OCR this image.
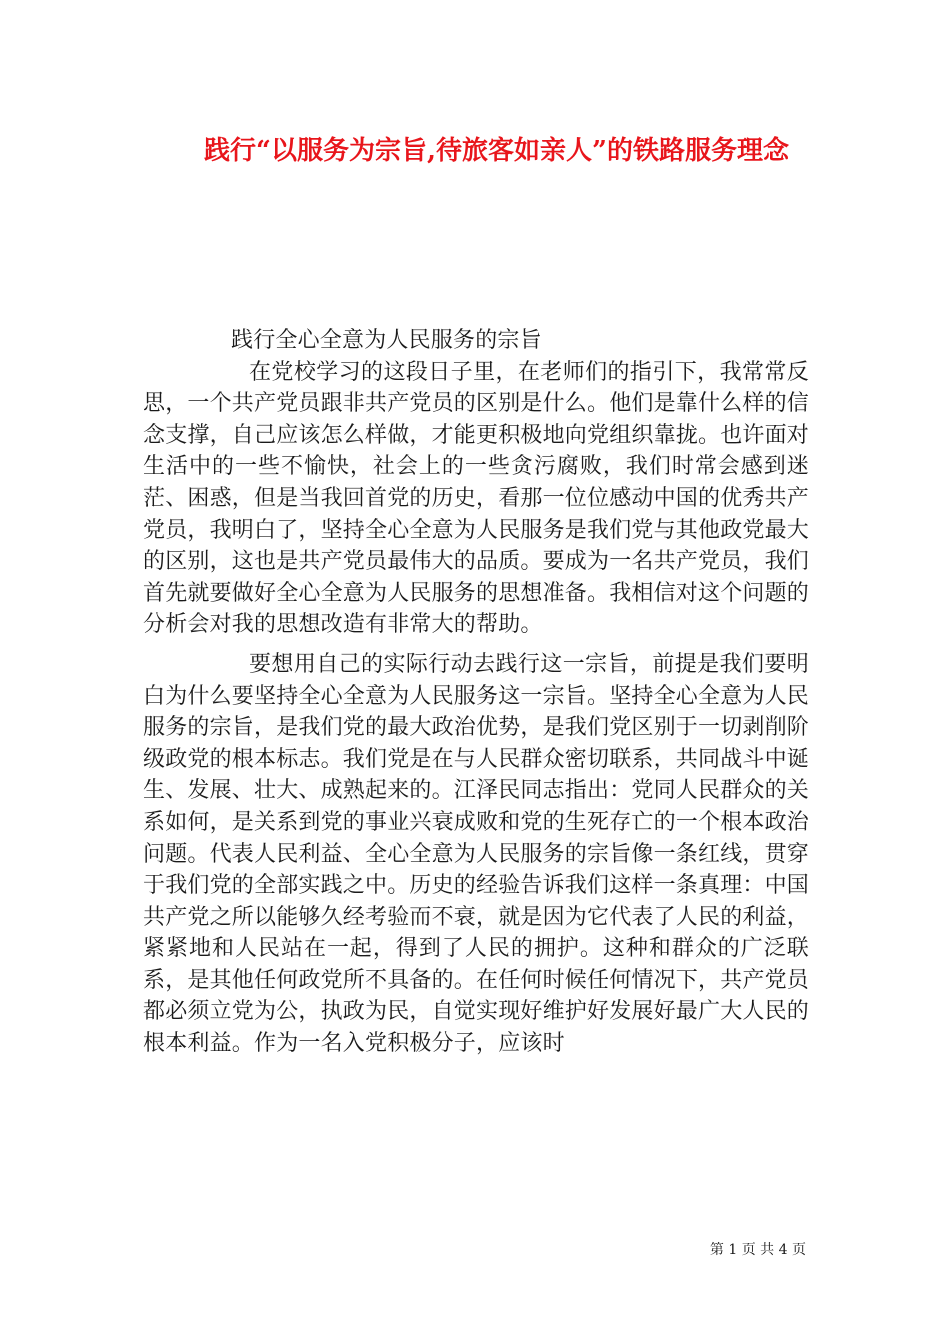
践行“以服务为宗旨,待旅客如亲人”的铁路服务理念

践行全心全意为人民服务的宗旨

在党校学习的这段日子里，在老师们的指引下，我常常反思，一个共产党员跟非共产党员的区别是什么。他们是靠什么样的信念支撑，自己应该怎么样做，才能更积极地向党组织靠拢。也许面对生活中的一些不愉快，社会上的一些贪污腐败，我们时常会感到迷茫、困惑，但是当我回首党的历史，看那一位位感动中国的优秀共产党员，我明白了，坚持全心全意为人民服务是我们党与其他政党最大的区别，这也是共产党员最伟大的品质。要成为一名共产党员，我们首先就要做好全心全意为人民服务的思想准备。我相信对这个问题的分析会对我的思想改造有非常大的帮助。

要想用自己的实际行动去践行这一宗旨，前提是我们要明白为什么要坚持全心全意为人民服务这一宗旨。坚持全心全意为人民服务的宗旨，是我们党的最大政治优势，是我们党区别于一切剥削阶级政党的根本标志。我们党是在与人民群众密切联系，共同战斗中诞生、发展、壮大、成熟起来的。江泽民同志指出：党同人民群众的关系如何，是关系到党的事业兴衰成败和党的生死存亡的一个根本政治问题。代表人民利益、全心全意为人民服务的宗旨像一条红线，贯穿于我们党的全部实践之中。历史的经验告诉我们这样一条真理：中国共产党之所以能够久经考验而不衰，就是因为它代表了人民的利益，紧紧地和人民站在一起，得到了人民的拥护。这种和群众的广泛联系，是其他任何政党所不具备的。在任何时候任何情况下，共产党员都必须立党为公，执政为民，自觉实现好维护好发展好最广大人民的根本利益。作为一名入党积极分子，应该时

第 1 页 共 4 页
